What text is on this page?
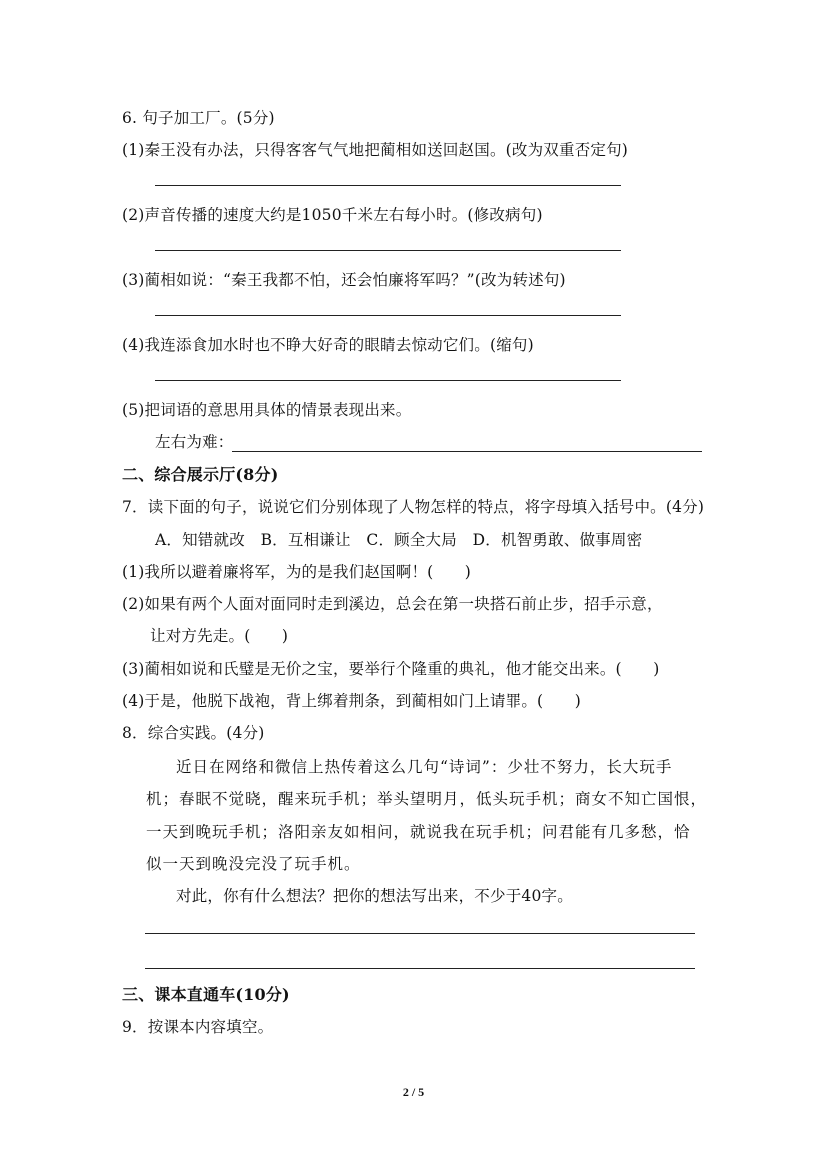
6. 句子加工厂。(5分)
(1)秦王没有办法，只得客客气气地把蔺相如送回赵国。(改为双重否定句)
(2)声音传播的速度大约是1050千米左右每小时。(修改病句)
(3)蔺相如说：“秦王我都不怕，还会怕廉将军吗？”(改为转述句)
(4)我连添食加水时也不睁大好奇的眼睛去惊动它们。(缩句)
(5)把词语的意思用具体的情景表现出来。
左右为难：
二、综合展示厅(8分)
7．读下面的句子，说说它们分别体现了人物怎样的特点，将字母填入括号中。(4分)
A．知错就改　B．互相谦让　C．顾全大局　D．机智勇敢、做事周密
(1)我所以避着廉将军，为的是我们赵国啊！(　　)
(2)如果有两个人面对面同时走到溪边，总会在第一块搭石前止步，招手示意，
让对方先走。(　　)
(3)蔺相如说和氏璧是无价之宝，要举行个隆重的典礼，他才能交出来。(　　)
(4)于是，他脱下战袍，背上绑着荆条，到蔺相如门上请罪。(　　)
8．综合实践。(4分)
近日在网络和微信上热传着这么几句“诗词”：少壮不努力，长大玩手
机；春眠不觉晓，醒来玩手机；举头望明月，低头玩手机；商女不知亡国恨，
一天到晚玩手机；洛阳亲友如相问，就说我在玩手机；问君能有几多愁，恰
似一天到晚没完没了玩手机。
对此，你有什么想法？把你的想法写出来，不少于40字。
三、课本直通车(10分)
9．按课本内容填空。
2 / 5
